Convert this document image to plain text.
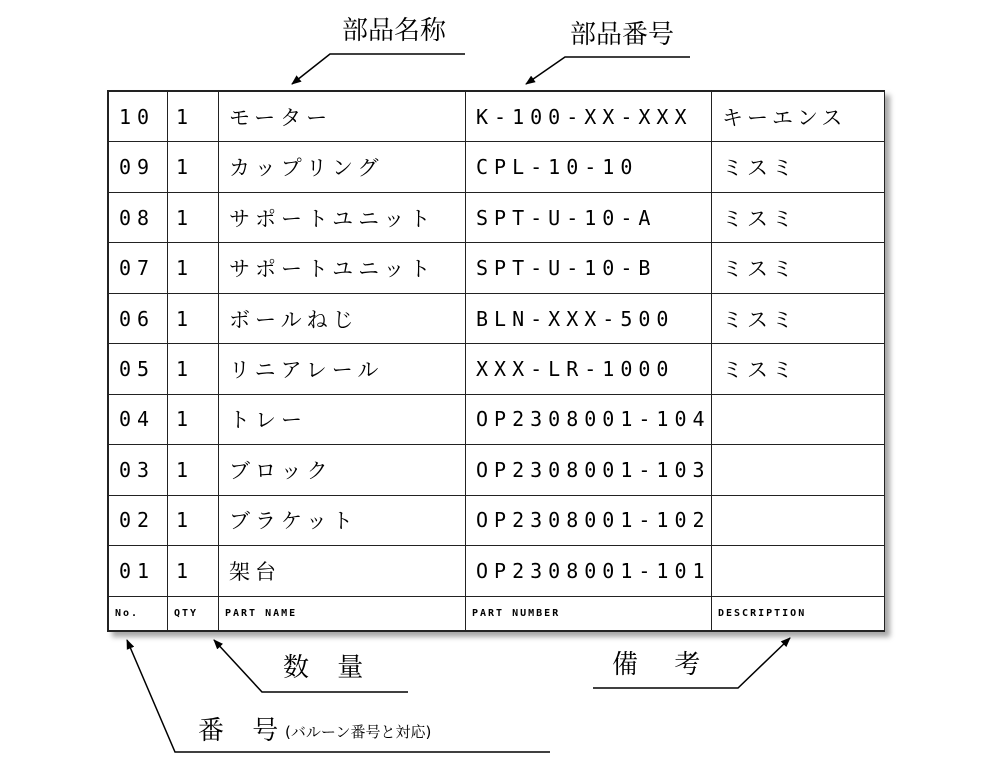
部品名称	部品番号
10	1	モーター	K-100-XX-XXX	キーエンス
09	1	カップリング	CPL-10-10	ミスミ
08	1	サポートユニット	SPT-U-10-A	ミスミ
07	1	サポートユニット	SPT-U-10-B	ミスミ
06	1	ボールねじ	BLN-XXX-500	ミスミ
05	1	リニアレール	XXX-LR-1000	ミスミ
04	1	トレー	OP2308001-104	
03	1	ブロック	OP2308001-103	
02	1	ブラケット	OP2308001-102	
01	1	架台	OP2308001-101	
No.	QTY	PART NAME	PART NUMBER	DESCRIPTION
数 量	備 考
番 号
(バルーン番号と対応)
